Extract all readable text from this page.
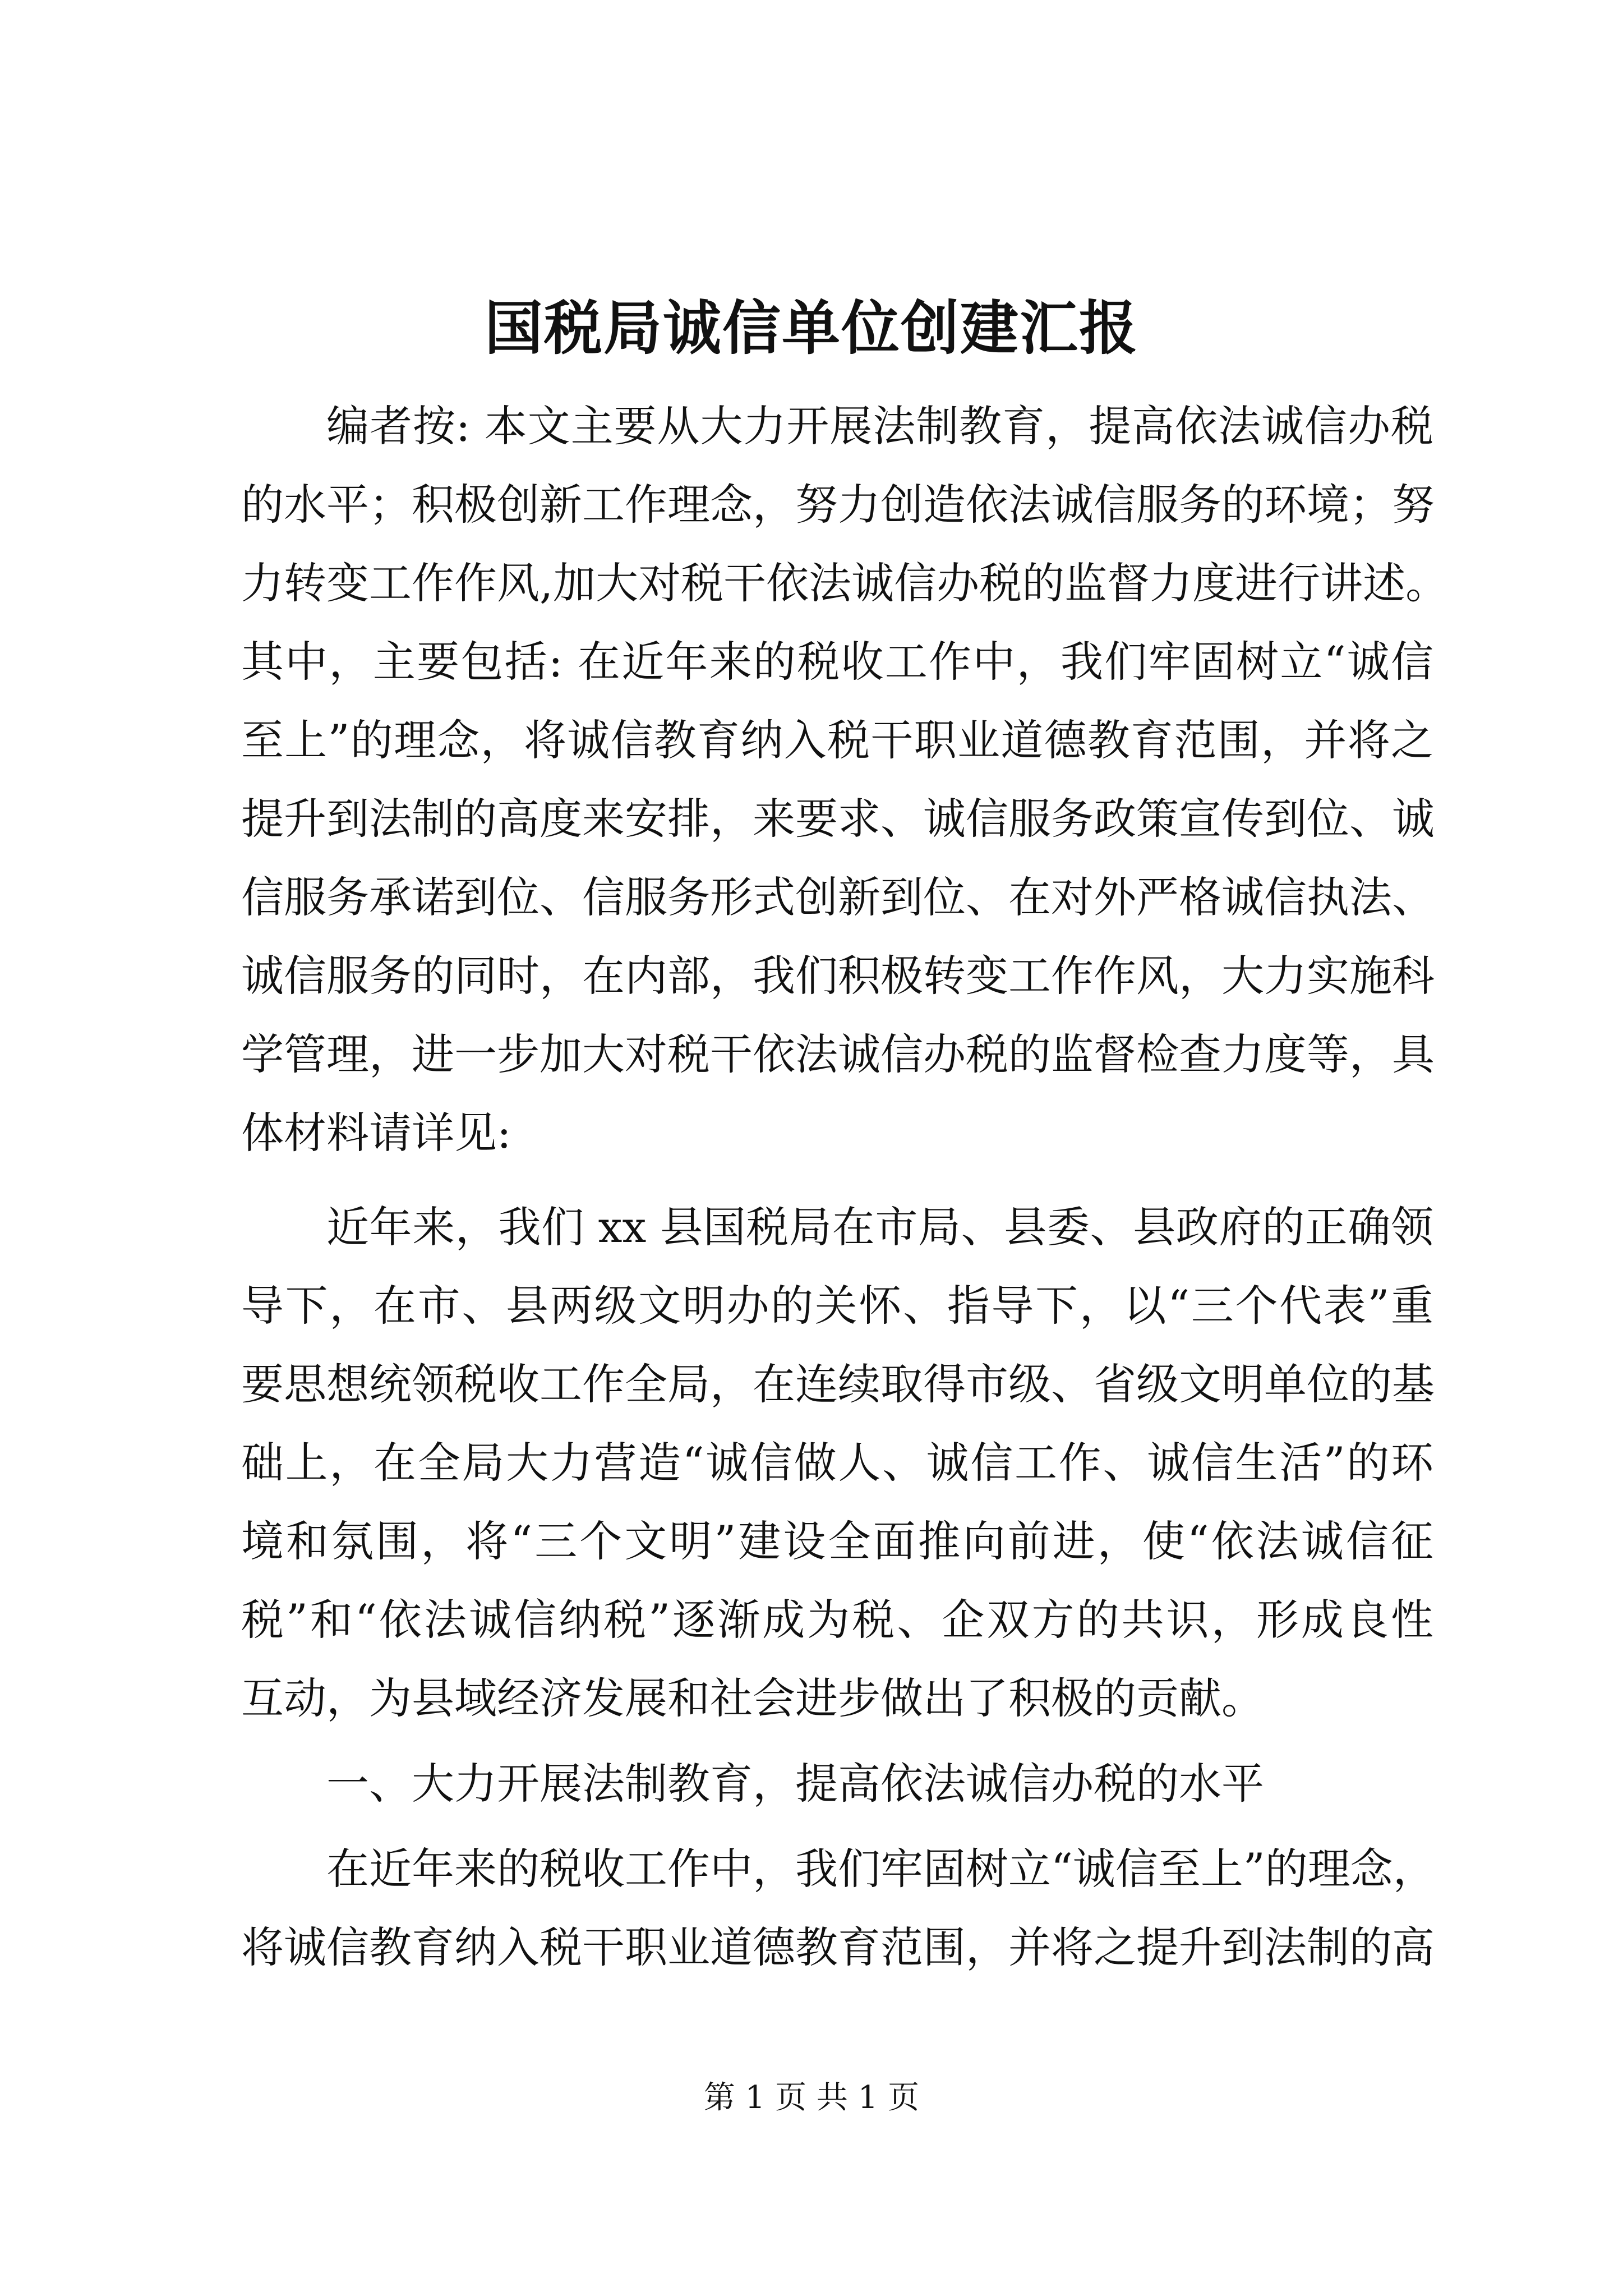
国税局诚信单位创建汇报

编者按: 本文主要从大力开展法制教育，提高依法诚信办税

的水平；积极创新工作理念，努力创造依法诚信服务的环境；努

力转变工作作风,加大对税干依法诚信办税的监督力度进行讲述。

其中，主要包括: 在近年来的税收工作中，我们牢固树立“诚信

至上”的理念，将诚信教育纳入税干职业道德教育范围，并将之

提升到法制的高度来安排，来要求、诚信服务政策宣传到位、诚

信服务承诺到位、信服务形式创新到位、在对外严格诚信执法、

诚信服务的同时，在内部，我们积极转变工作作风，大力实施科

学管理，进一步加大对税干依法诚信办税的监督检查力度等，具

体材料请详见:

近年来，我们 xx 县国税局在市局、县委、县政府的正确领

导下，在市、县两级文明办的关怀、指导下，以“三个代表”重

要思想统领税收工作全局，在连续取得市级、省级文明单位的基

础上，在全局大力营造“诚信做人、诚信工作、诚信生活”的环

境和氛围，将“三个文明”建设全面推向前进，使“依法诚信征

税”和“依法诚信纳税”逐渐成为税、企双方的共识，形成良性

互动，为县域经济发展和社会进步做出了积极的贡献。

一、大力开展法制教育，提高依法诚信办税的水平

在近年来的税收工作中，我们牢固树立“诚信至上”的理念，

将诚信教育纳入税干职业道德教育范围，并将之提升到法制的高

第 1 页 共 1 页
